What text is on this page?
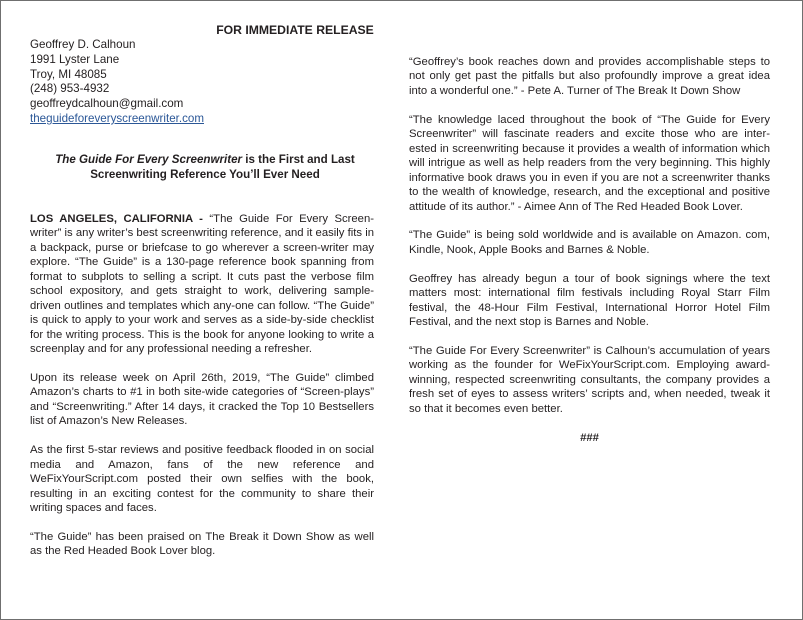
FOR IMMEDIATE RELEASE
Geoffrey D. Calhoun
1991 Lyster Lane
Troy, MI 48085
(248) 953-4932
geoffreydcalhoun@gmail.com
theguideforeveryscreenwriter.com
The Guide For Every Screenwriter is the First and Last
Screenwriting Reference You’ll Ever Need

LOS ANGELES, CALIFORNIA - “The Guide For Every Screen-writer” is any writer’s best screenwriting reference, and it easily fits in a backpack, purse or briefcase to go wherever a screen-writer may explore. “The Guide” is a 130-page reference book spanning from format to subplots to selling a script. It cuts past the verbose film school expository, and gets straight to work, delivering sample-driven outlines and templates which any-one can follow. “The Guide” is quick to apply to your work and serves as a side-by-side checklist for the writing process. This is the book for anyone looking to write a screenplay and for any professional needing a refresher.

Upon its release week on April 26th, 2019, “The Guide” climbed Amazon’s charts to #1 in both site-wide categories of “Screen-plays” and “Screenwriting.” After 14 days, it cracked the Top 10 Bestsellers list of Amazon’s New Releases.

As the first 5-star reviews and positive feedback flooded in on social media and Amazon, fans of the new reference and WeFixYourScript.com posted their own selfies with the book, resulting in an exciting contest for the community to share their writing spaces and faces.

“The Guide” has been praised on The Break it Down Show as well as the Red Headed Book Lover blog.

“Geoffrey’s book reaches down and provides accomplishable steps to not only get past the pitfalls but also profoundly improve a great idea into a wonderful one.” - Pete A. Turner of The Break It Down Show

“The knowledge laced throughout the book of “The Guide for Every Screenwriter” will fascinate readers and excite those who are inter-ested in screenwriting because it provides a wealth of information which will intrigue as well as help readers from the very beginning. This highly informative book draws you in even if you are not a screenwriter thanks to the wealth of knowledge, research, and the exceptional and positive attitude of its author.” - Aimee Ann of The Red Headed Book Lover.

“The Guide” is being sold worldwide and is available on Amazon. com, Kindle, Nook, Apple Books and Barnes & Noble.

Geoffrey has already begun a tour of book signings where the text matters most: international film festivals including Royal Starr Film festival, the 48-Hour Film Festival, International Horror Hotel Film Festival, and the next stop is Barnes and Noble.

“The Guide For Every Screenwriter” is Calhoun’s accumulation of years working as the founder for WeFixYourScript.com. Employing award-winning, respected screenwriting consultants, the company provides a fresh set of eyes to assess writers’ scripts and, when needed, tweak it so that it becomes even better.

###
